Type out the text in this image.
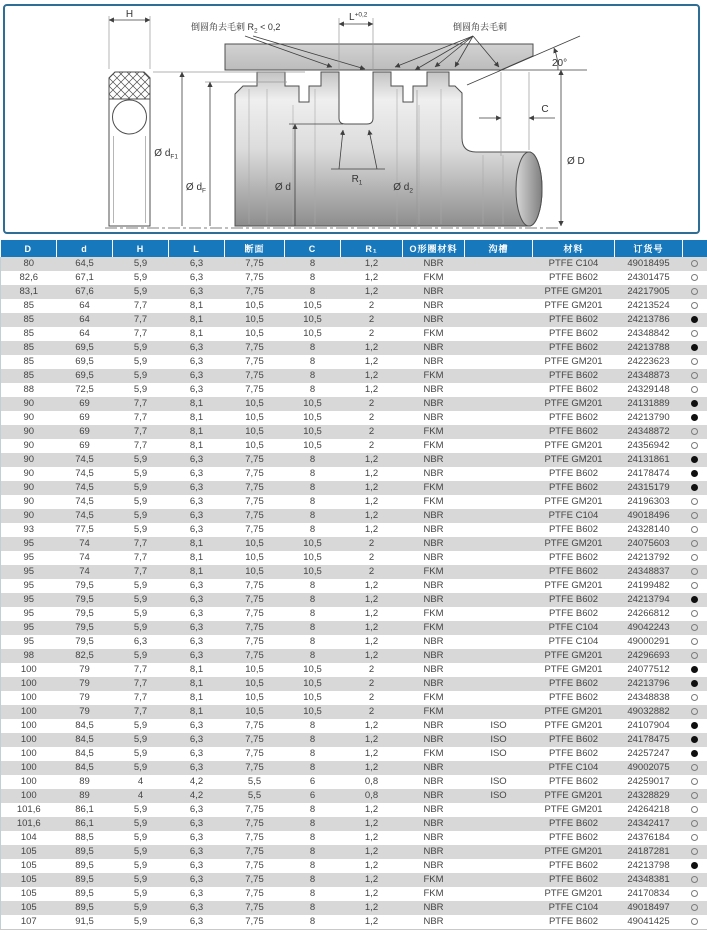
H
倒圆角去毛刺 $R_2 < 0,2$
$L^{+0,2}$
倒圆角去毛刺
20°
C
Ø $d_{F1}$
Ø $d_F$	Ø d	Ø $d_2$
Ø D
$R_1$
D	d	H	L	断面	C	R₁	O形圈材料	沟槽	材料	订货号	
80	64,5	5,9	6,3	7,75	8	1,2	NBR		PTFE C104	49018495	
82,6	67,1	5,9	6,3	7,75	8	1,2	FKM		PTFE B602	24301475	
83,1	67,6	5,9	6,3	7,75	8	1,2	NBR		PTFE GM201	24217905	
85	64	7,7	8,1	10,5	10,5	2	NBR		PTFE GM201	24213524	
85	64	7,7	8,1	10,5	10,5	2	NBR		PTFE B602	24213786	
85	64	7,7	8,1	10,5	10,5	2	FKM		PTFE B602	24348842	
85	69,5	5,9	6,3	7,75	8	1,2	NBR		PTFE B602	24213788	
85	69,5	5,9	6,3	7,75	8	1,2	NBR		PTFE GM201	24223623	
85	69,5	5,9	6,3	7,75	8	1,2	FKM		PTFE B602	24348873	
88	72,5	5,9	6,3	7,75	8	1,2	NBR		PTFE B602	24329148	
90	69	7,7	8,1	10,5	10,5	2	NBR		PTFE GM201	24131889	
90	69	7,7	8,1	10,5	10,5	2	NBR		PTFE B602	24213790	
90	69	7,7	8,1	10,5	10,5	2	FKM		PTFE B602	24348872	
90	69	7,7	8,1	10,5	10,5	2	FKM		PTFE GM201	24356942	
90	74,5	5,9	6,3	7,75	8	1,2	NBR		PTFE GM201	24131861	
90	74,5	5,9	6,3	7,75	8	1,2	NBR		PTFE B602	24178474	
90	74,5	5,9	6,3	7,75	8	1,2	FKM		PTFE B602	24315179	
90	74,5	5,9	6,3	7,75	8	1,2	FKM		PTFE GM201	24196303	
90	74,5	5,9	6,3	7,75	8	1,2	NBR		PTFE C104	49018496	
93	77,5	5,9	6,3	7,75	8	1,2	NBR		PTFE B602	24328140	
95	74	7,7	8,1	10,5	10,5	2	NBR		PTFE GM201	24075603	
95	74	7,7	8,1	10,5	10,5	2	NBR		PTFE B602	24213792	
95	74	7,7	8,1	10,5	10,5	2	FKM		PTFE B602	24348837	
95	79,5	5,9	6,3	7,75	8	1,2	NBR		PTFE GM201	24199482	
95	79,5	5,9	6,3	7,75	8	1,2	NBR		PTFE B602	24213794	
95	79,5	5,9	6,3	7,75	8	1,2	FKM		PTFE B602	24266812	
95	79,5	5,9	6,3	7,75	8	1,2	FKM		PTFE C104	49042243	
95	79,5	6,3	6,3	7,75	8	1,2	NBR		PTFE C104	49000291	
98	82,5	5,9	6,3	7,75	8	1,2	NBR		PTFE GM201	24296693	
100	79	7,7	8,1	10,5	10,5	2	NBR		PTFE GM201	24077512	
100	79	7,7	8,1	10,5	10,5	2	NBR		PTFE B602	24213796	
100	79	7,7	8,1	10,5	10,5	2	FKM		PTFE B602	24348838	
100	79	7,7	8,1	10,5	10,5	2	FKM		PTFE GM201	49032882	
100	84,5	5,9	6,3	7,75	8	1,2	NBR	ISO	PTFE GM201	24107904	
100	84,5	5,9	6,3	7,75	8	1,2	NBR	ISO	PTFE B602	24178475	
100	84,5	5,9	6,3	7,75	8	1,2	FKM	ISO	PTFE B602	24257247	
100	84,5	5,9	6,3	7,75	8	1,2	NBR		PTFE C104	49002075	
100	89	4	4,2	5,5	6	0,8	NBR	ISO	PTFE B602	24259017	
100	89	4	4,2	5,5	6	0,8	NBR	ISO	PTFE GM201	24328829	
101,6	86,1	5,9	6,3	7,75	8	1,2	NBR		PTFE GM201	24264218	
101,6	86,1	5,9	6,3	7,75	8	1,2	NBR		PTFE B602	24342417	
104	88,5	5,9	6,3	7,75	8	1,2	NBR		PTFE B602	24376184	
105	89,5	5,9	6,3	7,75	8	1,2	NBR		PTFE GM201	24187281	
105	89,5	5,9	6,3	7,75	8	1,2	NBR		PTFE B602	24213798	
105	89,5	5,9	6,3	7,75	8	1,2	FKM		PTFE B602	24348381	
105	89,5	5,9	6,3	7,75	8	1,2	FKM		PTFE GM201	24170834	
105	89,5	5,9	6,3	7,75	8	1,2	NBR		PTFE C104	49018497	
107	91,5	5,9	6,3	7,75	8	1,2	NBR		PTFE B602	49041425	
